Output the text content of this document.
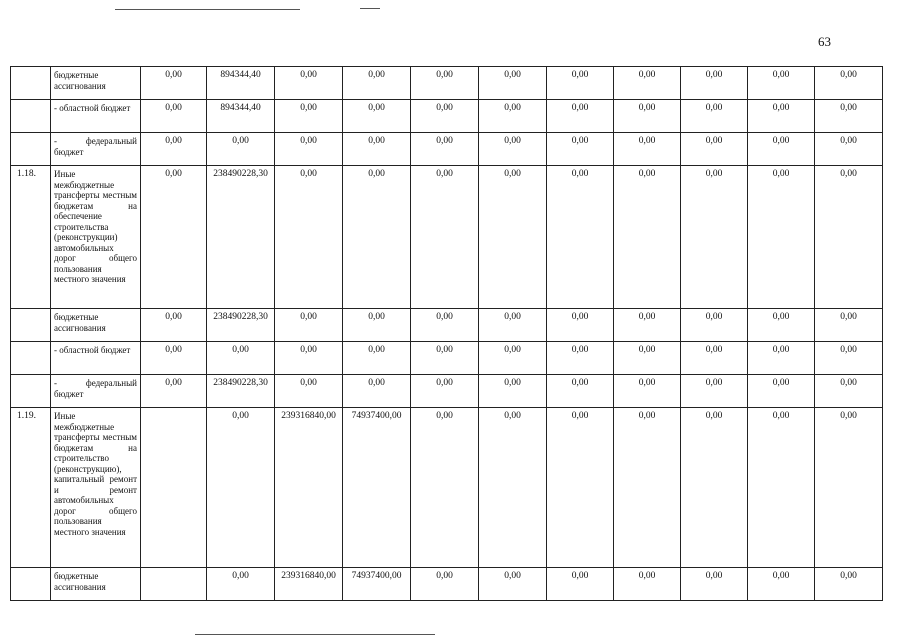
63
	бюджетные ассигнования	0,00	894344,40	0,00	0,00	0,00	0,00	0,00	0,00	0,00	0,00	0,00
	- областной бюджет	0,00	894344,40	0,00	0,00	0,00	0,00	0,00	0,00	0,00	0,00	0,00
	- федеральный бюджет	0,00	0,00	0,00	0,00	0,00	0,00	0,00	0,00	0,00	0,00	0,00
1.18.	Иные межбюджетные трансферты местным бюджетам на обеспечение строительства (реконструкции) автомобильных дорог общего пользования местного значения	0,00	238490228,30	0,00	0,00	0,00	0,00	0,00	0,00	0,00	0,00	0,00
	бюджетные ассигнования	0,00	238490228,30	0,00	0,00	0,00	0,00	0,00	0,00	0,00	0,00	0,00
	- областной бюджет	0,00	0,00	0,00	0,00	0,00	0,00	0,00	0,00	0,00	0,00	0,00
	- федеральный бюджет	0,00	238490228,30	0,00	0,00	0,00	0,00	0,00	0,00	0,00	0,00	0,00
1.19.	Иные межбюджетные трансферты местным бюджетам на строительство (реконструкцию), капитальный ремонт и ремонт автомобильных дорог общего пользования местного значения		0,00	239316840,00	74937400,00	0,00	0,00	0,00	0,00	0,00	0,00	0,00
	бюджетные ассигнования		0,00	239316840,00	74937400,00	0,00	0,00	0,00	0,00	0,00	0,00	0,00
